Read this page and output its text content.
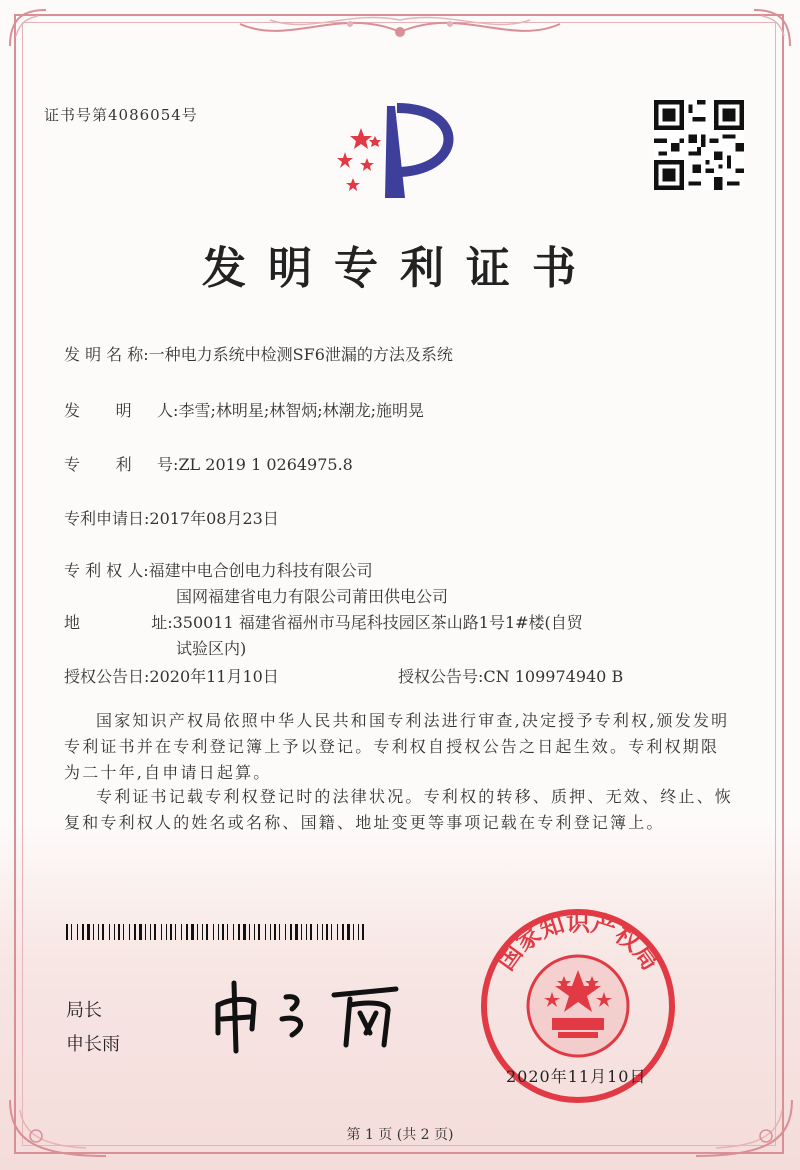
证书号第4086054号
发明专利证书
发 明 名 称:一种电力系统中检测SF6泄漏的方法及系统
发       明     人:李雪;林明星;林智炳;林潮龙;施明晃
专       利     号:ZL 2019 1 0264975.8
专利申请日:2017年08月23日
专 利 权 人:福建中电合创电力科技有限公司
国网福建省电力有限公司莆田供电公司
地              址:350011 福建省福州市马尾科技园区茶山路1号1#楼(自贸
试验区内)
授权公告日:2020年11月10日	授权公告号:CN 109974940 B
国家知识产权局依照中华人民共和国专利法进行审查,决定授予专利权,颁发发明专利证书并在专利登记簿上予以登记。专利权自授权公告之日起生效。专利权期限为二十年,自申请日起算。
专利证书记载专利权登记时的法律状况。专利权的转移、质押、无效、终止、恢复和专利权人的姓名或名称、国籍、地址变更等事项记载在专利登记簿上。
局长
申长雨
国家知识产权局
2020年11月10日
第 1 页 (共 2 页)
